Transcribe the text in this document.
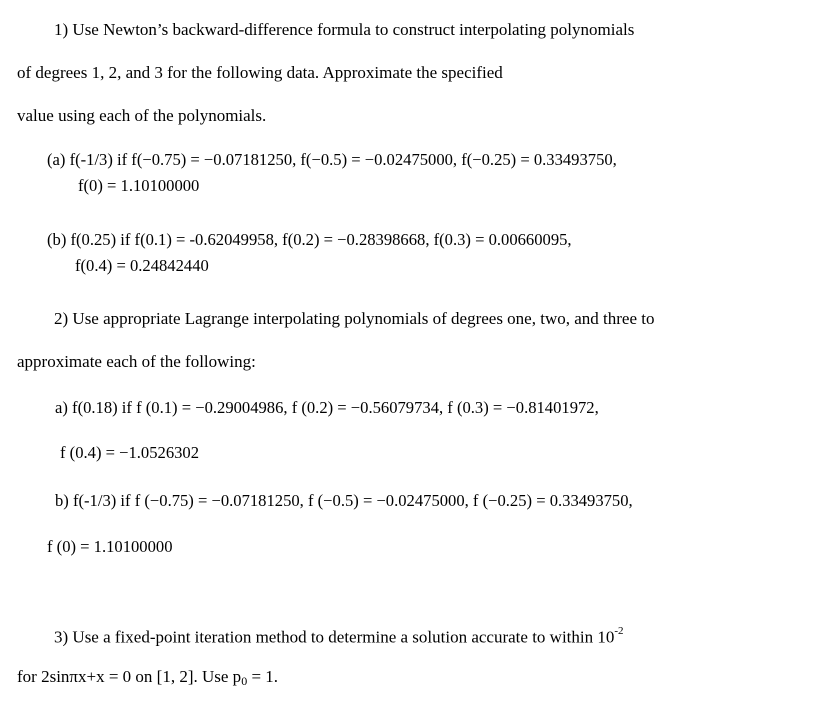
1) Use Newton’s backward-difference formula to construct interpolating polynomials
of degrees 1, 2, and 3 for the following data. Approximate the specified
value using each of the polynomials.
(a) f(-1/3) if f(−0.75) = −0.07181250, f(−0.5) = −0.02475000, f(−0.25) = 0.33493750,
f(0) = 1.10100000
(b) f(0.25) if f(0.1) = -0.62049958, f(0.2) = −0.28398668, f(0.3) = 0.00660095,
f(0.4) = 0.24842440
2) Use appropriate Lagrange interpolating polynomials of degrees one, two, and three to
approximate each of the following:
a) f(0.18) if f (0.1) = −0.29004986, f (0.2) = −0.56079734, f (0.3) = −0.81401972,
f (0.4) = −1.0526302
b) f(-1/3) if f (−0.75) = −0.07181250, f (−0.5) = −0.02475000, f (−0.25) = 0.33493750,
f (0) = 1.10100000
3) Use a fixed-point iteration method to determine a solution accurate to within $10^{-2}$
for 2sinπx+x = 0 on [1, 2]. Use $p_0 = 1$.
